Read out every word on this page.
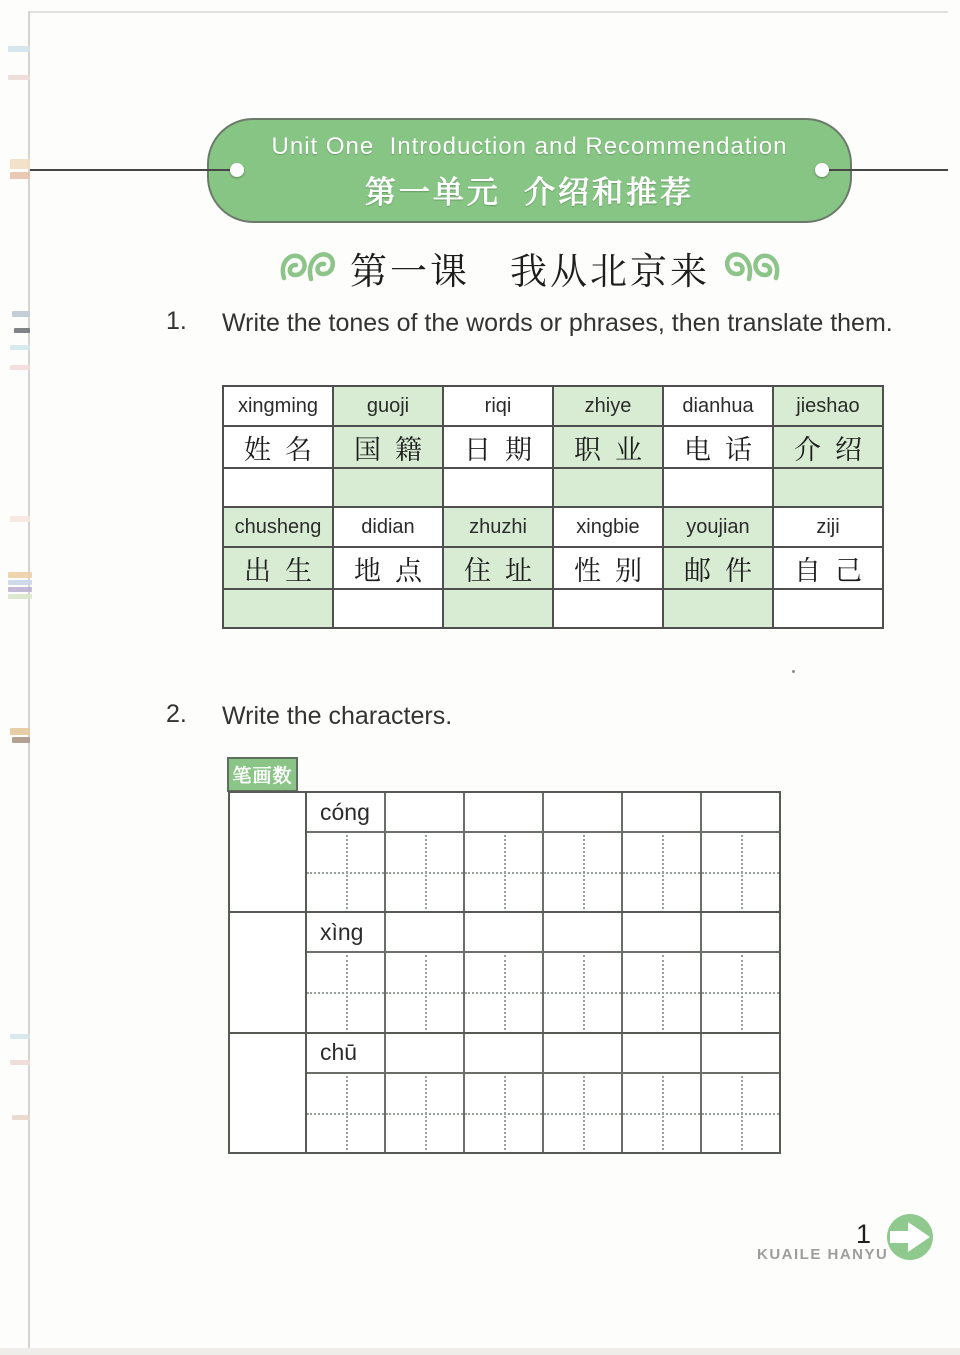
Unit One  Introduction and Recommendation
第一单元  介绍和推荐
第一课　我从北京来
1. Write the tones of the words or phrases, then translate them.
xingming	guoji	riqi	zhiye	dianhua	jieshao
姓名	国籍	日期	职业	电话	介绍

chusheng	didian	zhuzhi	xingbie	youjian	ziji
出生	地点	住址	性别	邮件	自己

2. Write the characters.
笔画数
cóng
xìng
chū
1
KUAILE HANYU
